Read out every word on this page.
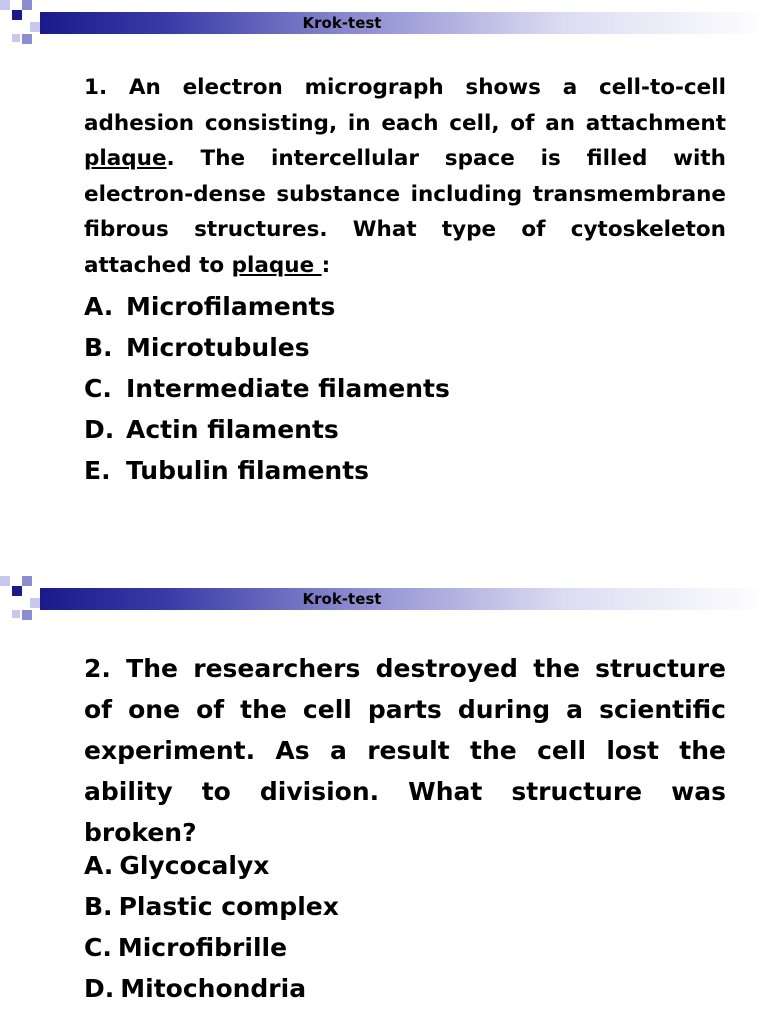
Krok-test

1. An electron micrograph shows a cell-to-cell adhesion consisting, in each cell, of an attachment plaque. The intercellular space is filled with electron-dense substance including transmembrane fibrous structures. What type of cytoskeleton attached to plaque :

A. Microfilaments
B. Microtubules
C. Intermediate filaments
D. Actin filaments
E. Tubulin filaments
Krok-test

2. The researchers destroyed the structure of one of the cell parts during a scientific experiment. As a result the cell lost the ability to division. What structure was broken?

A. Glycocalyx
B. Plastic complex
C. Microfibrille
D. Mitochondria
